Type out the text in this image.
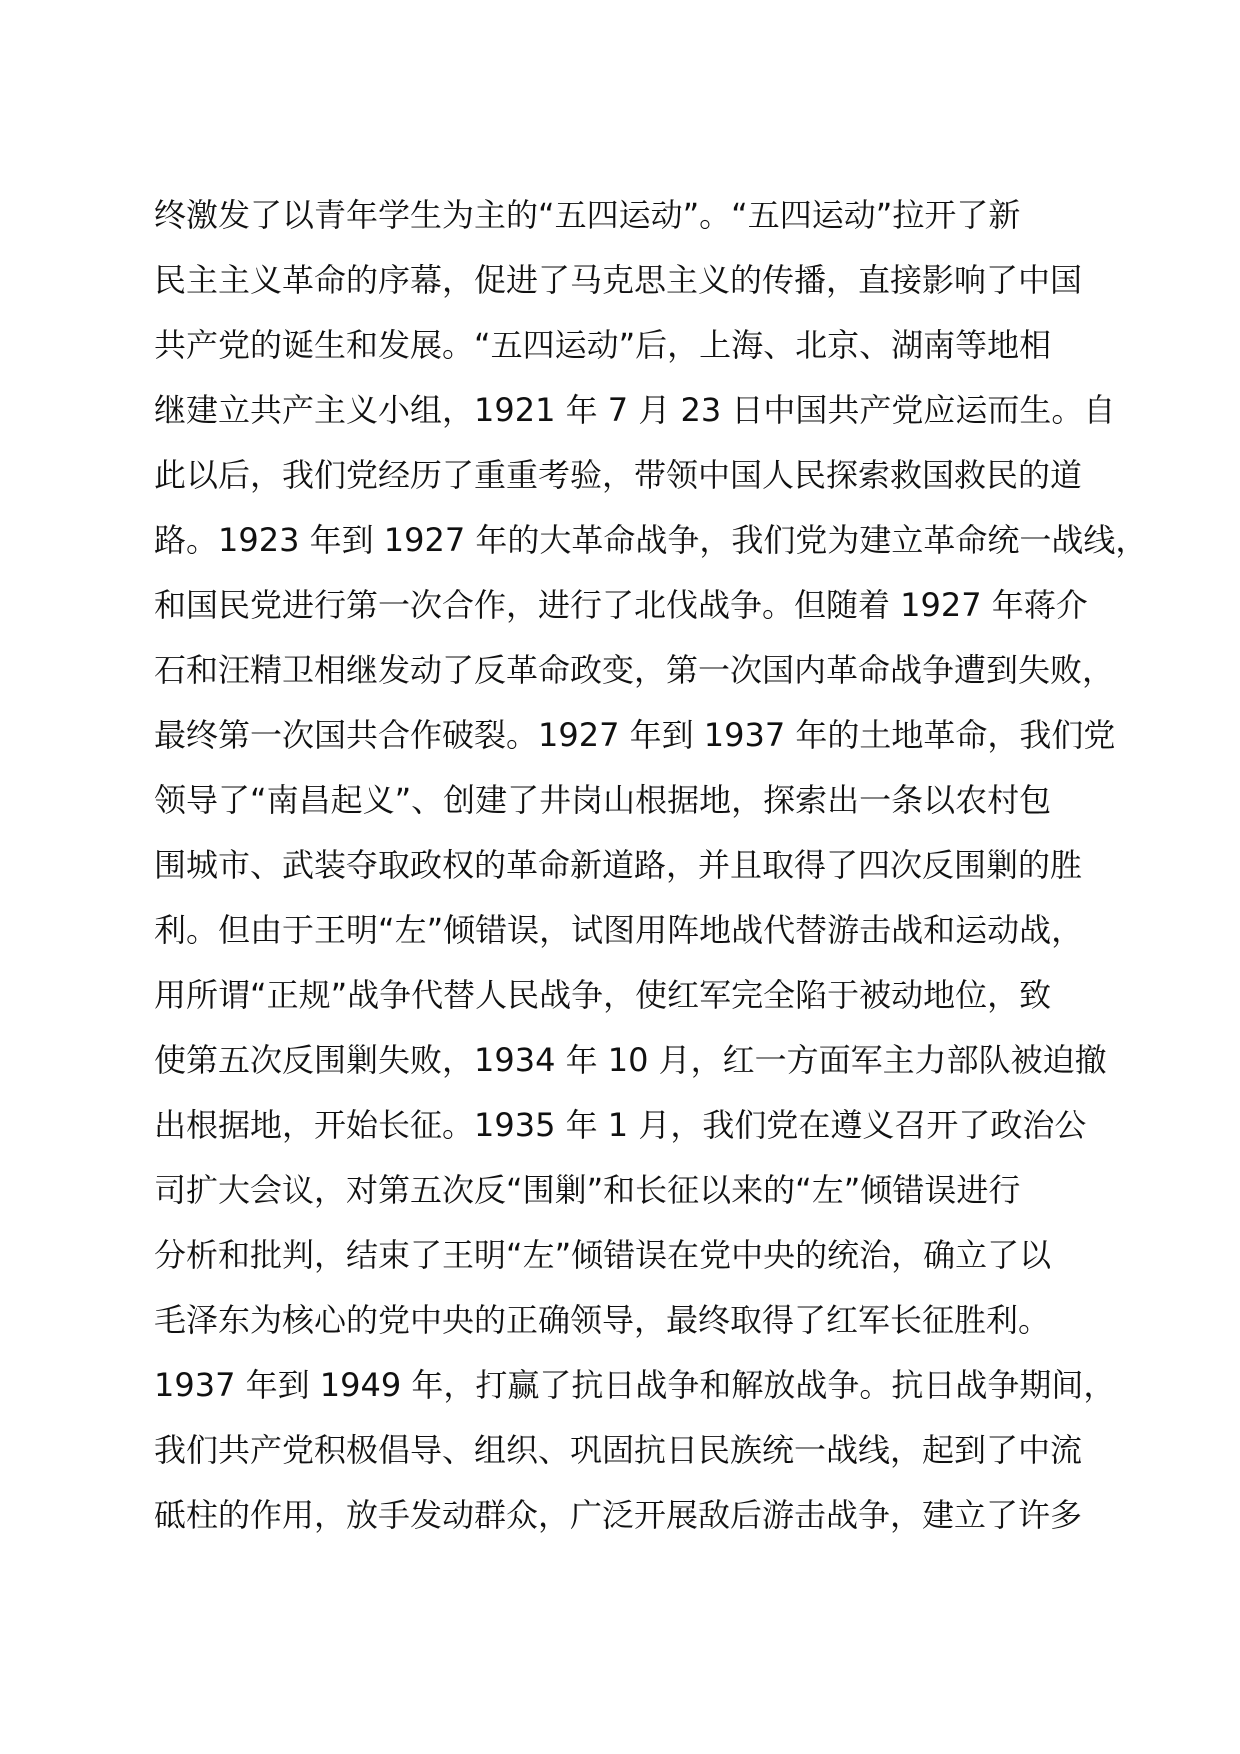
终激发了以青年学生为主的“五四运动”。“五四运动”拉开了新
民主主义革命的序幕，促进了马克思主义的传播，直接影响了中国
共产党的诞生和发展。“五四运动”后，上海、北京、湖南等地相
继建立共产主义小组，1921 年 7 月 23 日中国共产党应运而生。自
此以后，我们党经历了重重考验，带领中国人民探索救国救民的道
路。1923 年到 1927 年的大革命战争，我们党为建立革命统一战线，
和国民党进行第一次合作，进行了北伐战争。但随着 1927 年蒋介
石和汪精卫相继发动了反革命政变，第一次国内革命战争遭到失败，
最终第一次国共合作破裂。1927 年到 1937 年的土地革命，我们党
领导了“南昌起义”、创建了井岗山根据地，探索出一条以农村包
围城市、武装夺取政权的革命新道路，并且取得了四次反围剿的胜
利。但由于王明“左”倾错误，试图用阵地战代替游击战和运动战，
用所谓“正规”战争代替人民战争，使红军完全陷于被动地位，致
使第五次反围剿失败，1934 年 10 月，红一方面军主力部队被迫撤
出根据地，开始长征。1935 年 1 月，我们党在遵义召开了政治公
司扩大会议，对第五次反“围剿”和长征以来的“左”倾错误进行
分析和批判，结束了王明“左”倾错误在党中央的统治，确立了以
毛泽东为核心的党中央的正确领导，最终取得了红军长征胜利。
1937 年到 1949 年，打赢了抗日战争和解放战争。抗日战争期间，
我们共产党积极倡导、组织、巩固抗日民族统一战线，起到了中流
砥柱的作用，放手发动群众，广泛开展敌后游击战争，建立了许多
